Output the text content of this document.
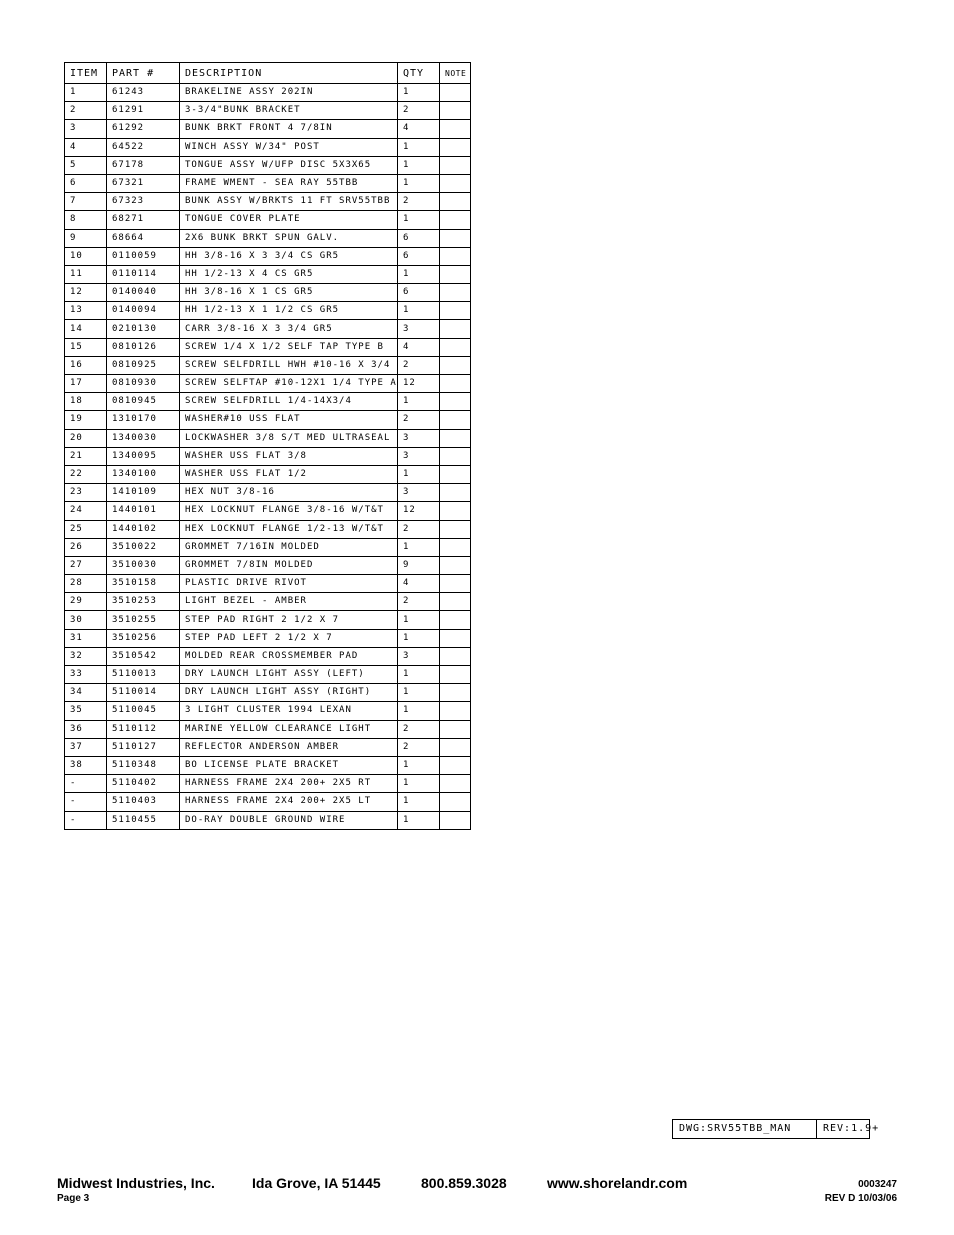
ITEM	PART #	DESCRIPTION	QTY	NOTE
1	61243	BRAKELINE ASSY 202IN	1	
2	61291	3-3/4"BUNK BRACKET	2	
3	61292	BUNK BRKT FRONT 4 7/8IN	4	
4	64522	WINCH ASSY W/34" POST	1	
5	67178	TONGUE ASSY W/UFP DISC 5X3X65	1	
6	67321	FRAME WMENT - SEA RAY 55TBB	1	
7	67323	BUNK ASSY W/BRKTS 11 FT SRV55TBB	2	
8	68271	TONGUE COVER PLATE	1	
9	68664	2X6 BUNK BRKT SPUN GALV.	6	
10	0110059	HH 3/8-16 X 3 3/4 CS GR5	6	
11	0110114	HH 1/2-13 X 4 CS GR5	1	
12	0140040	HH 3/8-16 X 1 CS GR5	6	
13	0140094	HH 1/2-13 X 1 1/2 CS GR5	1	
14	0210130	CARR 3/8-16 X 3 3/4 GR5	3	
15	0810126	SCREW 1/4 X 1/2 SELF TAP TYPE B	4	
16	0810925	SCREW SELFDRILL HWH #10-16 X 3/4	2	
17	0810930	SCREW SELFTAP #10-12X1 1/4 TYPE A	12	
18	0810945	SCREW SELFDRILL 1/4-14X3/4	1	
19	1310170	WASHER#10 USS FLAT	2	
20	1340030	LOCKWASHER 3/8 S/T MED ULTRASEAL	3	
21	1340095	WASHER USS FLAT 3/8	3	
22	1340100	WASHER USS FLAT 1/2	1	
23	1410109	HEX NUT 3/8-16	3	
24	1440101	HEX LOCKNUT FLANGE 3/8-16 W/T&T	12	
25	1440102	HEX LOCKNUT FLANGE 1/2-13 W/T&T	2	
26	3510022	GROMMET 7/16IN MOLDED	1	
27	3510030	GROMMET 7/8IN MOLDED	9	
28	3510158	PLASTIC DRIVE RIVOT	4	
29	3510253	LIGHT BEZEL - AMBER	2	
30	3510255	STEP PAD RIGHT 2 1/2 X 7	1	
31	3510256	STEP PAD LEFT 2 1/2 X 7	1	
32	3510542	MOLDED REAR CROSSMEMBER PAD	3	
33	5110013	DRY LAUNCH LIGHT ASSY (LEFT)	1	
34	5110014	DRY LAUNCH LIGHT ASSY (RIGHT)	1	
35	5110045	3 LIGHT CLUSTER 1994 LEXAN	1	
36	5110112	MARINE YELLOW CLEARANCE LIGHT	2	
37	5110127	REFLECTOR ANDERSON AMBER	2	
38	5110348	BO LICENSE PLATE BRACKET	1	
-	5110402	HARNESS FRAME 2X4 200+ 2X5 RT	1	
-	5110403	HARNESS FRAME 2X4 200+ 2X5 LT	1	
-	5110455	DO-RAY DOUBLE GROUND WIRE	1	
DWG:SRV55TBB_MAN	REV:1.9+
Midwest Industries, Inc.	Ida Grove, IA 51445	800.859.3028	www.shorelandr.com
Page 3
0003247
REV D 10/03/06
